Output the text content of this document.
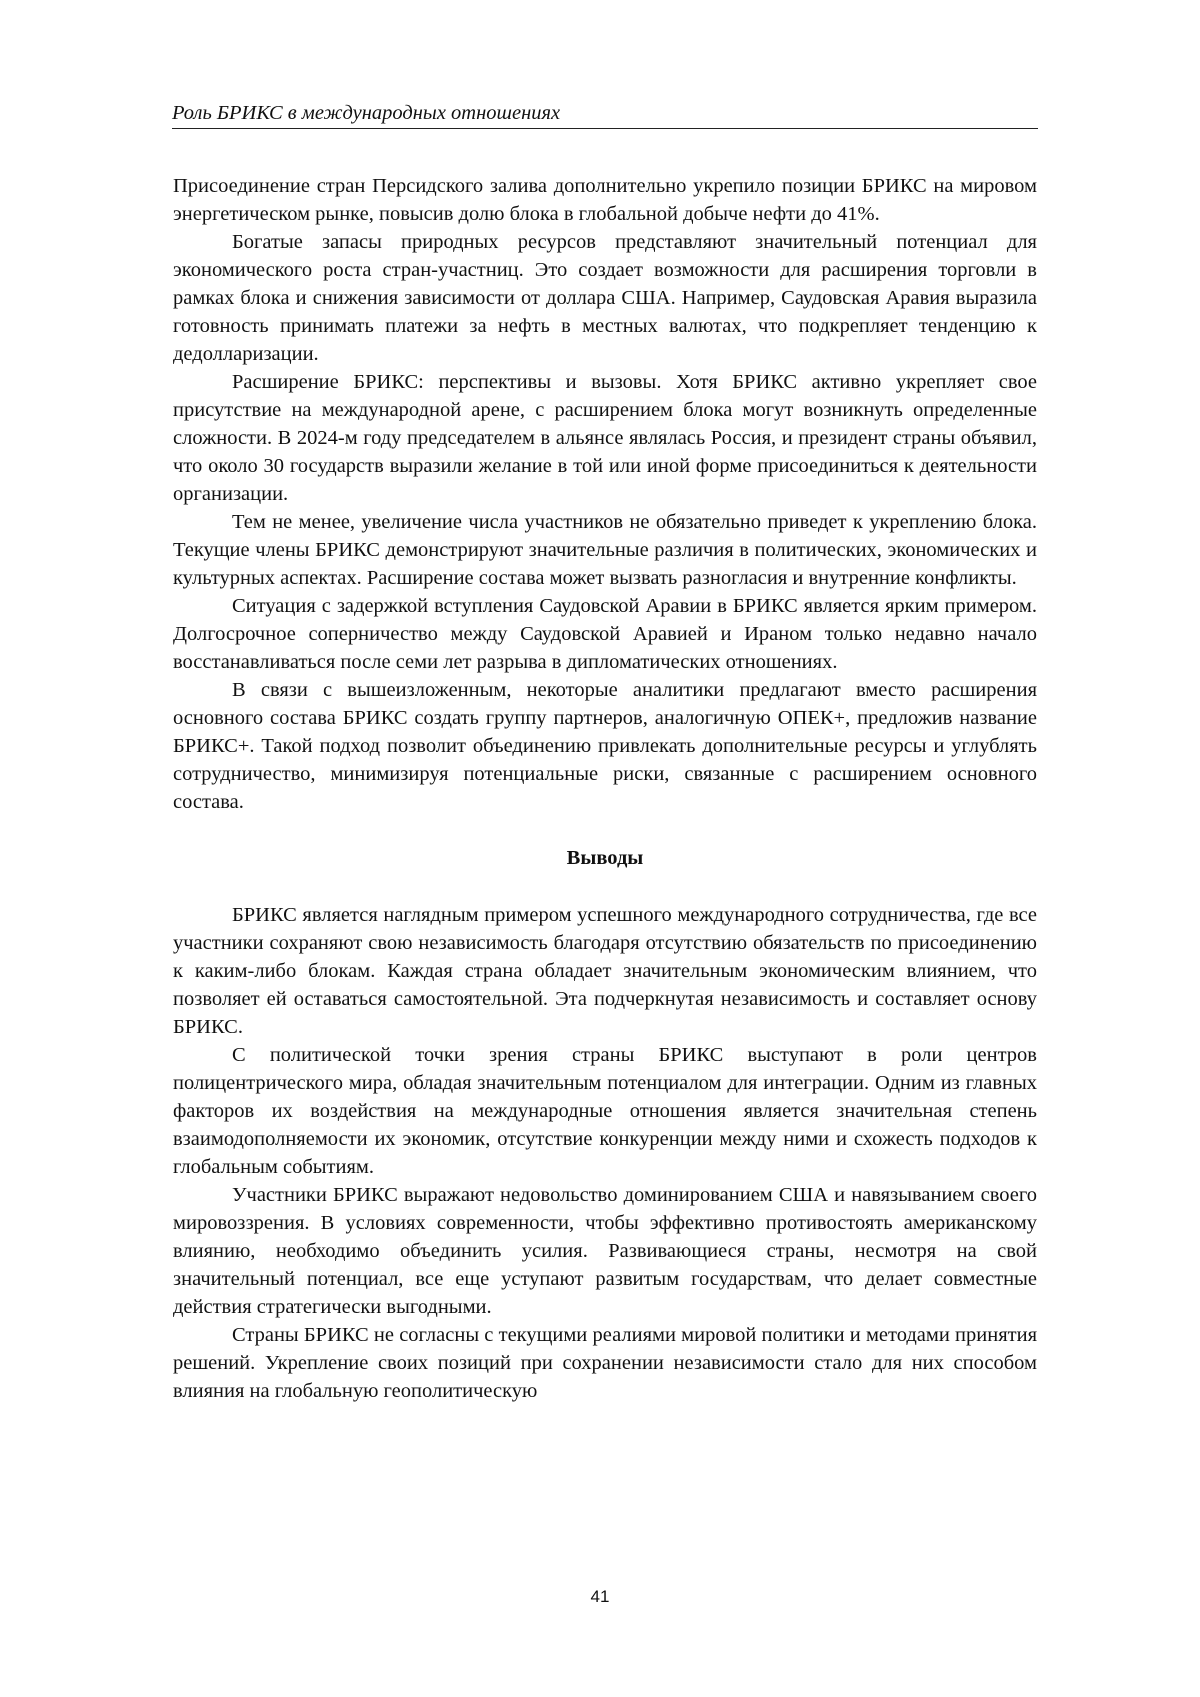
Роль БРИКС в международных отношениях

Присоединение стран Персидского залива дополнительно укрепило позиции БРИКС на мировом энергетическом рынке, повысив долю блока в глобальной добыче нефти до 41%.

Богатые запасы природных ресурсов представляют значительный потенциал для экономического роста стран-участниц. Это создает возможности для расширения торговли в рамках блока и снижения зависимости от доллара США. Например, Саудовская Аравия выразила готовность принимать платежи за нефть в местных валютах, что подкрепляет тенденцию к дедолларизации.

Расширение БРИКС: перспективы и вызовы. Хотя БРИКС активно укрепляет свое присутствие на международной арене, с расширением блока могут возникнуть определенные сложности. В 2024-м году председателем в альянсе являлась Россия, и президент страны объявил, что около 30 государств выразили желание в той или иной форме присоединиться к деятельности организации.

Тем не менее, увеличение числа участников не обязательно приведет к укреплению блока. Текущие члены БРИКС демонстрируют значительные различия в политических, экономических и культурных аспектах. Расширение состава может вызвать разногласия и внутренние конфликты.

Ситуация с задержкой вступления Саудовской Аравии в БРИКС является ярким примером. Долгосрочное соперничество между Саудовской Аравией и Ираном только недавно начало восстанавливаться после семи лет разрыва в дипломатических отношениях.

В связи с вышеизложенным, некоторые аналитики предлагают вместо расширения основного состава БРИКС создать группу партнеров, аналогичную ОПЕК+, предложив название БРИКС+. Такой подход позволит объединению привлекать дополнительные ресурсы и углублять сотрудничество, минимизируя потенциальные риски, связанные с расширением основного состава.

Выводы

БРИКС является наглядным примером успешного международного сотрудничества, где все участники сохраняют свою независимость благодаря отсутствию обязательств по присоединению к каким-либо блокам. Каждая страна обладает значительным экономическим влиянием, что позволяет ей оставаться самостоятельной. Эта подчеркнутая независимость и составляет основу БРИКС.

С политической точки зрения страны БРИКС выступают в роли центров полицентрического мира, обладая значительным потенциалом для интеграции. Одним из главных факторов их воздействия на международные отношения является значительная степень взаимодополняемости их экономик, отсутствие конкуренции между ними и схожесть подходов к глобальным событиям.

Участники БРИКС выражают недовольство доминированием США и навязыванием своего мировоззрения. В условиях современности, чтобы эффективно противостоять американскому влиянию, необходимо объединить усилия. Развивающиеся страны, несмотря на свой значительный потенциал, все еще уступают развитым государствам, что делает совместные действия стратегически выгодными.

Страны БРИКС не согласны с текущими реалиями мировой политики и методами принятия решений. Укрепление своих позиций при сохранении независимости стало для них способом влияния на глобальную геополитическую

41
